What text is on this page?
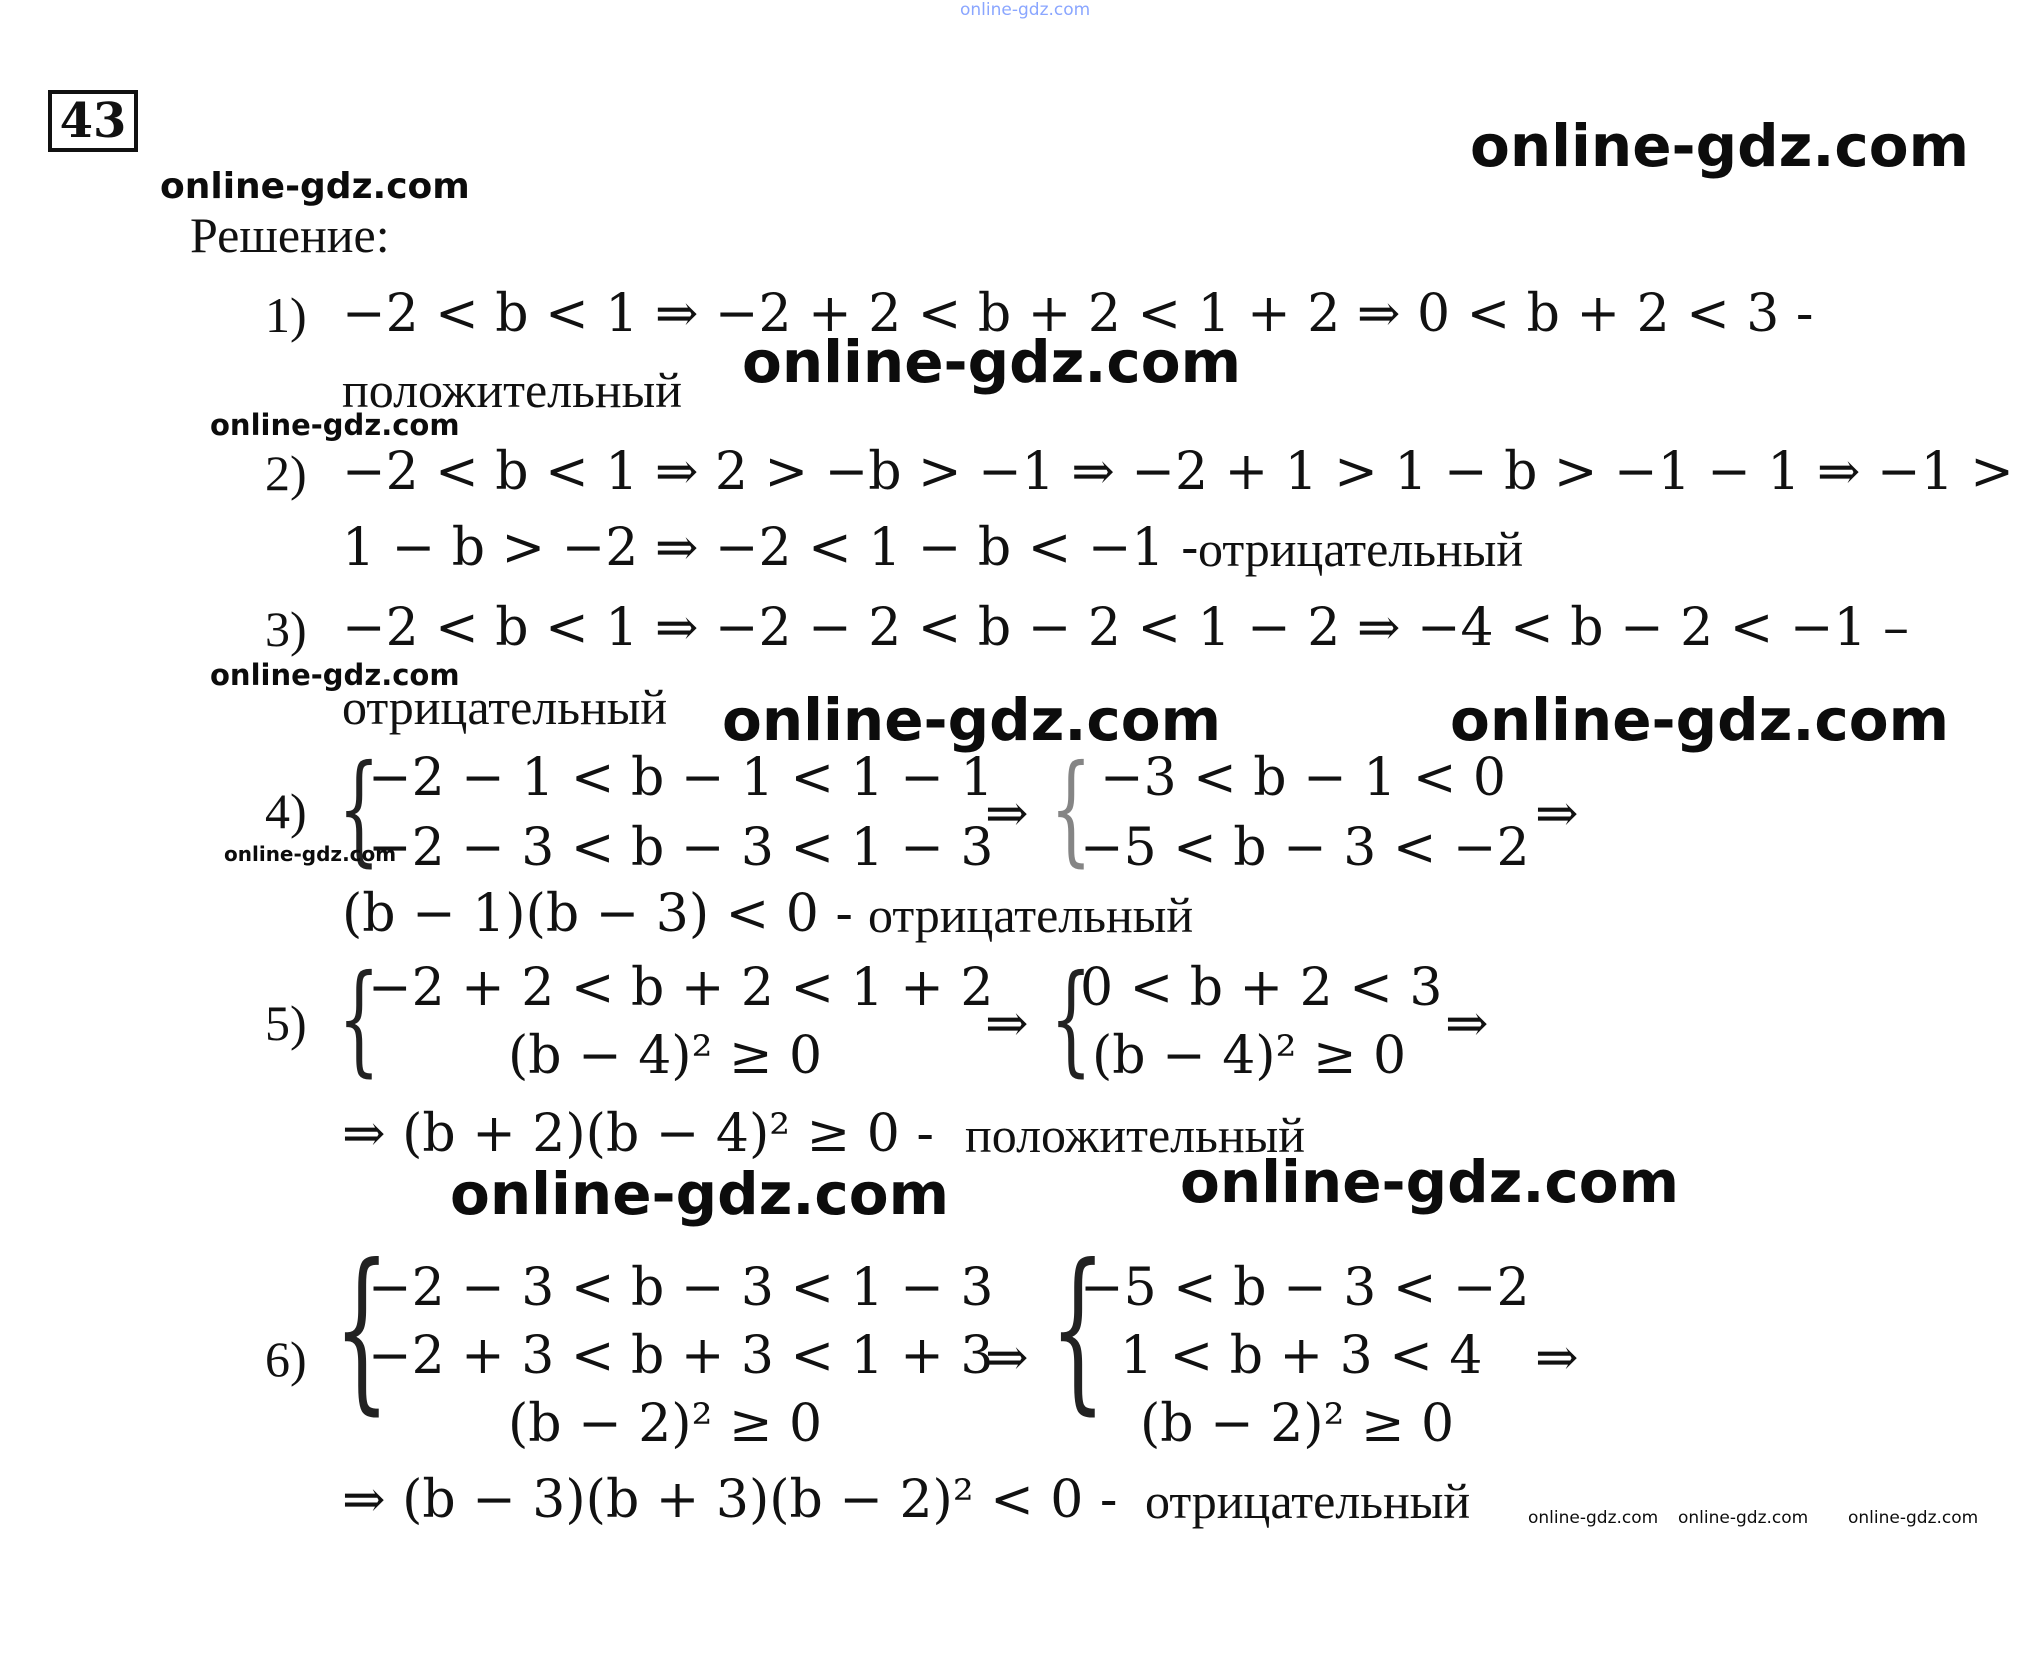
online-gdz.com
43	online-gdz.com
online-gdz.com
Решение:
1) −2 < b < 1 ⇒ −2 + 2 < b + 2 < 1 + 2 ⇒ 0 < b + 2 < 3 -
положительный online-gdz.com
online-gdz.com
2) −2 < b < 1 ⇒ 2 > −b > −1 ⇒ −2 + 1 > 1 − b > −1 − 1 ⇒ −1 >
1 − b > −2 ⇒ −2 < 1 − b < −1 - отрицательный
3) −2 < b < 1 ⇒ −2 − 2 < b − 2 < 1 − 2 ⇒ −4 < b − 2 < −1 –
online-gdz.com
отрицательный online-gdz.com	online-gdz.com
4) {
−2 − 1 < b − 1 < 1 − 1
−2 − 3 < b − 3 < 1 − 3
⇒ { −3 < b − 1 < 0
−5 < b − 3 < −2
⇒
online-gdz.com
(b − 1)(b − 3) < 0 - отрицательный
5) {
−2 + 2 < b + 2 < 1 + 2
(b − 4)² ≥ 0
⇒ {
0 < b + 2 < 3
(b − 4)² ≥ 0
⇒
⇒ (b + 2)(b − 4)² ≥ 0 - положительный
online-gdz.com
online-gdz.com
6) {
−2 − 3 < b − 3 < 1 − 3
−2 + 3 < b + 3 < 1 + 3
(b − 2)² ≥ 0
⇒ {
−5 < b − 3 < −2
1 < b + 3 < 4
(b − 2)² ≥ 0
⇒
⇒ (b − 3)(b + 3)(b − 2)² < 0 - отрицательный	online-gdz.com online-gdz.com online-gdz.com
